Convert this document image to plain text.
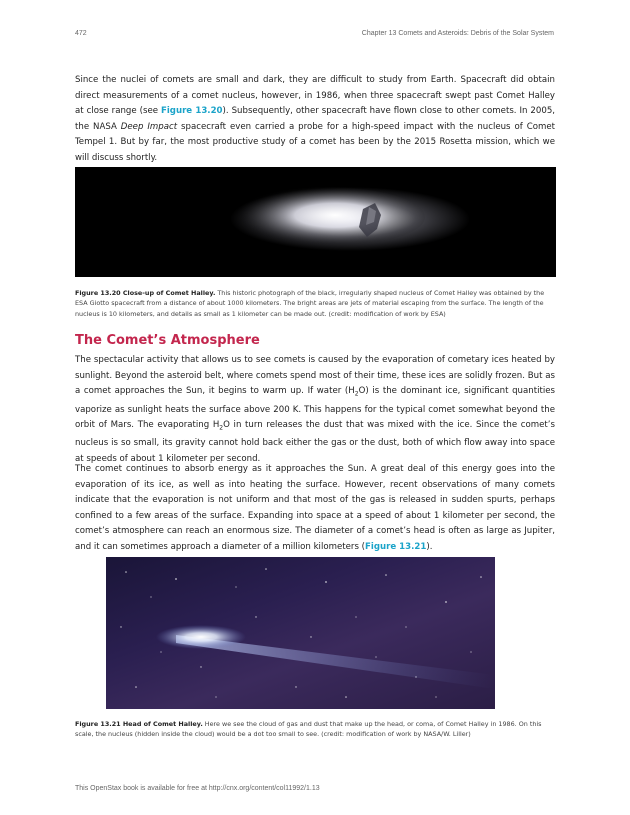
472	Chapter 13 Comets and Asteroids: Debris of the Solar System

Since the nuclei of comets are small and dark, they are difficult to study from Earth. Spacecraft did obtain direct measurements of a comet nucleus, however, in 1986, when three spacecraft swept past Comet Halley at close range (see Figure 13.20). Subsequently, other spacecraft have flown close to other comets. In 2005, the NASA Deep Impact spacecraft even carried a probe for a high-speed impact with the nucleus of Comet Tempel 1. But by far, the most productive study of a comet has been by the 2015 Rosetta mission, which we will discuss shortly.

Figure 13.20 Close-up of Comet Halley. This historic photograph of the black, irregularly shaped nucleus of Comet Halley was obtained by the ESA Giotto spacecraft from a distance of about 1000 kilometers. The bright areas are jets of material escaping from the surface. The length of the nucleus is 10 kilometers, and details as small as 1 kilometer can be made out. (credit: modification of work by ESA)

The Comet’s Atmosphere

The spectacular activity that allows us to see comets is caused by the evaporation of cometary ices heated by sunlight. Beyond the asteroid belt, where comets spend most of their time, these ices are solidly frozen. But as a comet approaches the Sun, it begins to warm up. If water $(H_2O)$ is the dominant ice, significant quantities vaporize as sunlight heats the surface above 200 K. This happens for the typical comet somewhat beyond the orbit of Mars. The evaporating $H_2O$ in turn releases the dust that was mixed with the ice. Since the comet’s nucleus is so small, its gravity cannot hold back either the gas or the dust, both of which flow away into space at speeds of about 1 kilometer per second.

The comet continues to absorb energy as it approaches the Sun. A great deal of this energy goes into the evaporation of its ice, as well as into heating the surface. However, recent observations of many comets indicate that the evaporation is not uniform and that most of the gas is released in sudden spurts, perhaps confined to a few areas of the surface. Expanding into space at a speed of about 1 kilometer per second, the comet’s atmosphere can reach an enormous size. The diameter of a comet’s head is often as large as Jupiter, and it can sometimes approach a diameter of a million kilometers (Figure 13.21).

Figure 13.21 Head of Comet Halley. Here we see the cloud of gas and dust that make up the head, or coma, of Comet Halley in 1986. On this scale, the nucleus (hidden inside the cloud) would be a dot too small to see. (credit: modification of work by NASA/W. Liller)

This OpenStax book is available for free at http://cnx.org/content/col11992/1.13
